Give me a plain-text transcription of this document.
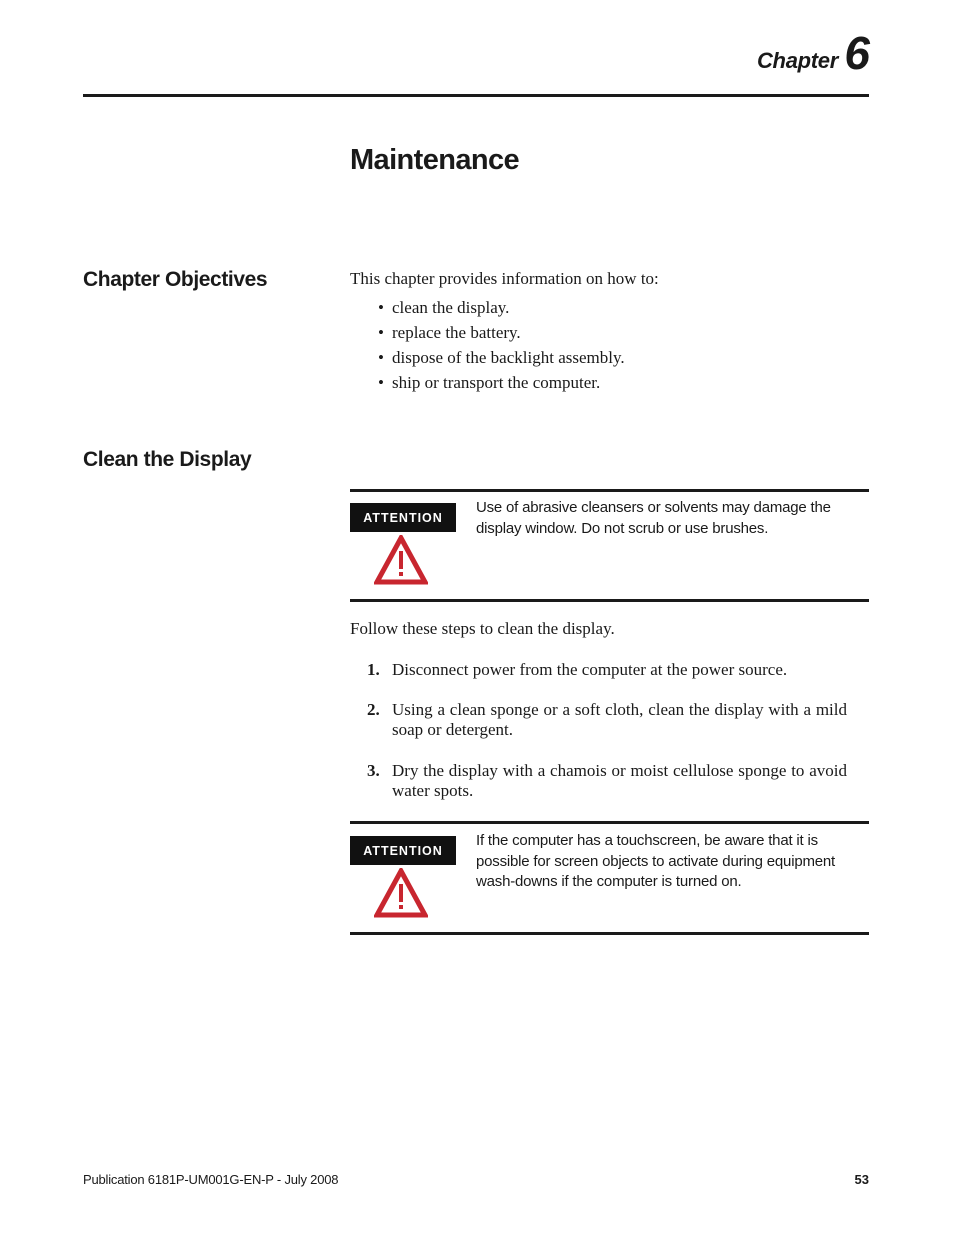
Chapter 6
Maintenance
Chapter Objectives	This chapter provides information on how to:

• clean the display.
• replace the battery.
• dispose of the backlight assembly.
• ship or transport the computer.
Clean the Display
ATTENTION
Use of abrasive cleansers or solvents may damage the display window. Do not scrub or use brushes.

Follow these steps to clean the display.

1. Disconnect power from the computer at the power source.
2. Using a clean sponge or a soft cloth, clean the display with a mild soap or detergent.
3. Dry the display with a chamois or moist cellulose sponge to avoid water spots.
ATTENTION
If the computer has a touchscreen, be aware that it is possible for screen objects to activate during equipment wash-downs if the computer is turned on.
Publication 6181P-UM001G-EN-P - July 2008	53
